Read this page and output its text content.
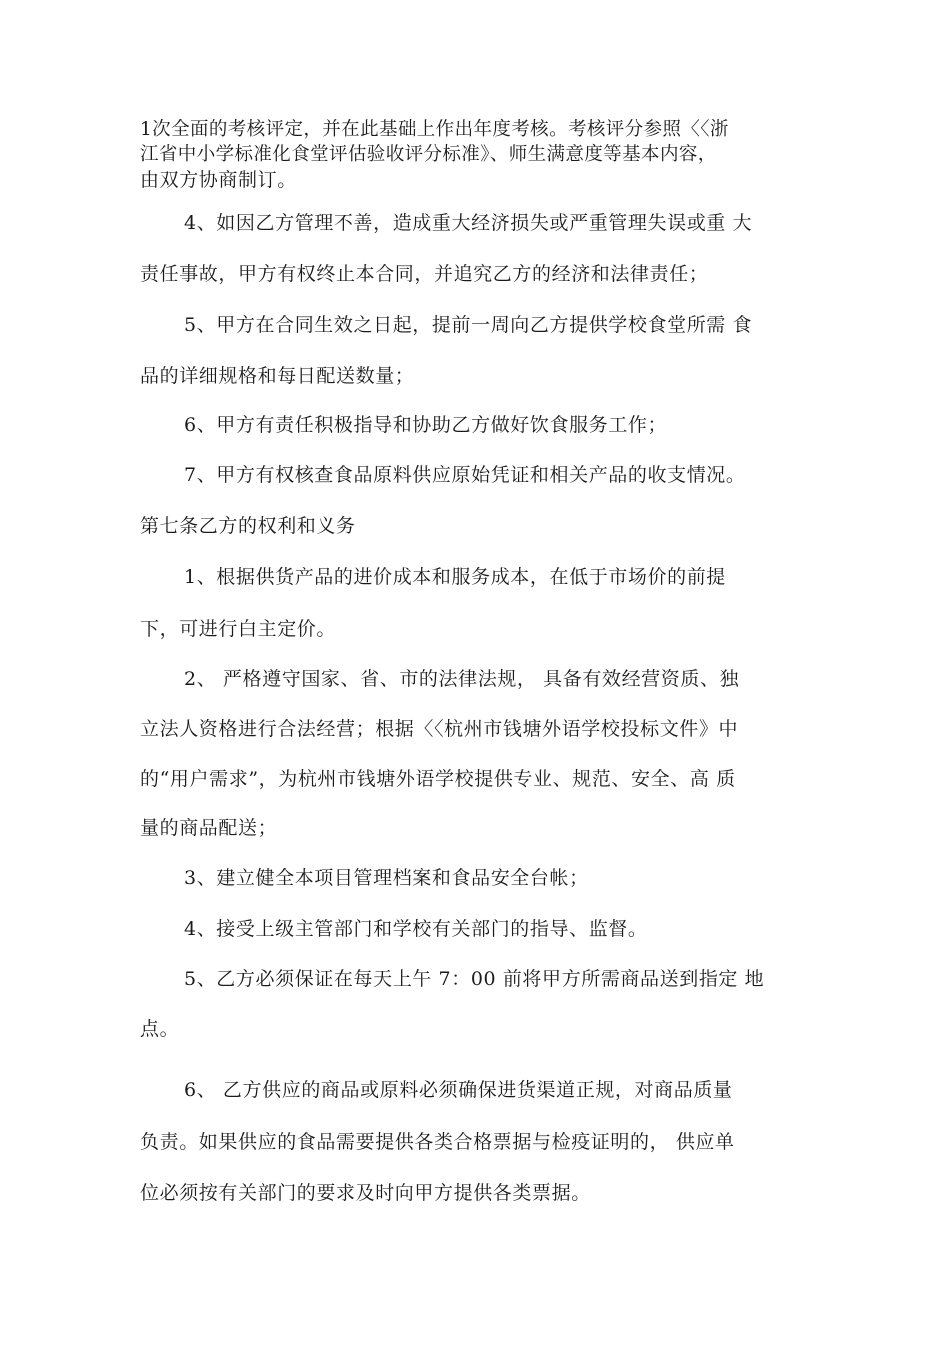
1次全面的考核评定，并在此基础上作出年度考核。考核评分参照〈〈浙
江省中小学标准化食堂评估验收评分标准》、师生满意度等基本内容，
由双方协商制订。
4、如因乙方管理不善，造成重大经济损失或严重管理失误或重 大
责任事故，甲方有权终止本合同，并追究乙方的经济和法律责任；
5、甲方在合同生效之日起，提前一周向乙方提供学校食堂所需 食
品的详细规格和每日配送数量；
6、甲方有责任积极指导和协助乙方做好饮食服务工作；
7、甲方有权核查食品原料供应原始凭证和相关产品的收支情况。
第七条乙方的权利和义务
1、根据供货产品的进价成本和服务成本，在低于市场价的前提
下，可进行白主定价。
2、 严格遵守国家、省、市的法律法规， 具备有效经营资质、独
立法人资格进行合法经营；根据〈〈杭州市钱塘外语学校投标文件》中
的“用户需求”，为杭州市钱塘外语学校提供专业、规范、安全、高 质
量的商品配送；
3、建立健全本项目管理档案和食品安全台帐；
4、接受上级主管部门和学校有关部门的指导、监督。
5、乙方必须保证在每天上午 7：00 前将甲方所需商品送到指定 地
点。
6、 乙方供应的商品或原料必须确保进货渠道正规，对商品质量
负责。如果供应的食品需要提供各类合格票据与检疫证明的， 供应单
位必须按有关部门的要求及时向甲方提供各类票据。
